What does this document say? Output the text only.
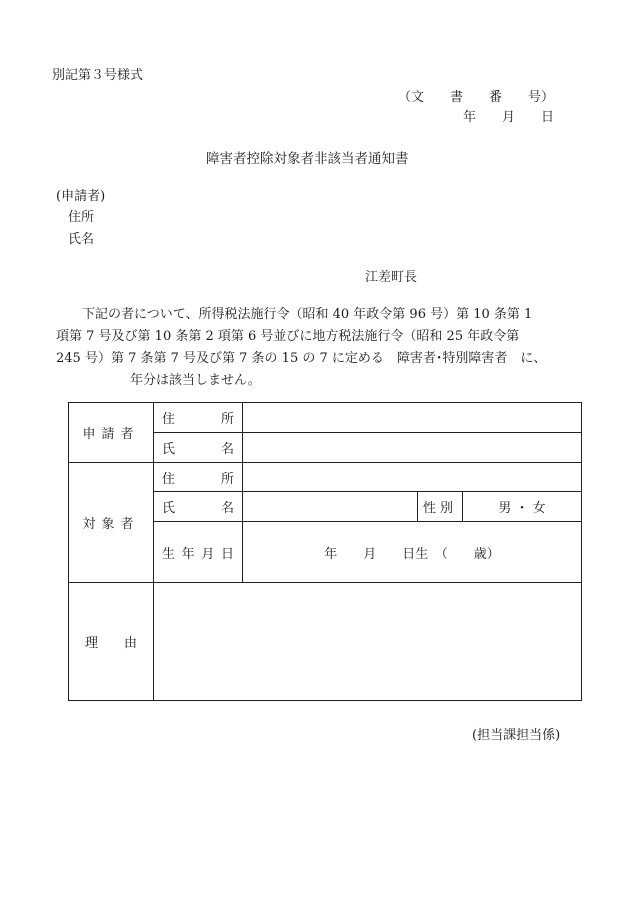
別記第３号様式
（文　　書　　番　　号）
年　　月　　日
障害者控除対象者非該当者通知書
(申請者)
住所
氏名
江差町長
下記の者について、所得税法施行令（昭和 40 年政令第 96 号）第 10 条第 1
項第 7 号及び第 10 条第 2 項第 6 号並びに地方税法施行令（昭和 25 年政令第
245 号）第 7 条第 7 号及び第 7 条の 15 の 7 に定める　障害者･特別障害者　に、
年分は該当しません。
申請者	住 所			

	氏 名			

対象者	住 所			

	氏 名		性別	男 ・ 女

	生 年 月 日	年　　月　　日生　（　　歳）		
理　　由				
(担当課担当係)
